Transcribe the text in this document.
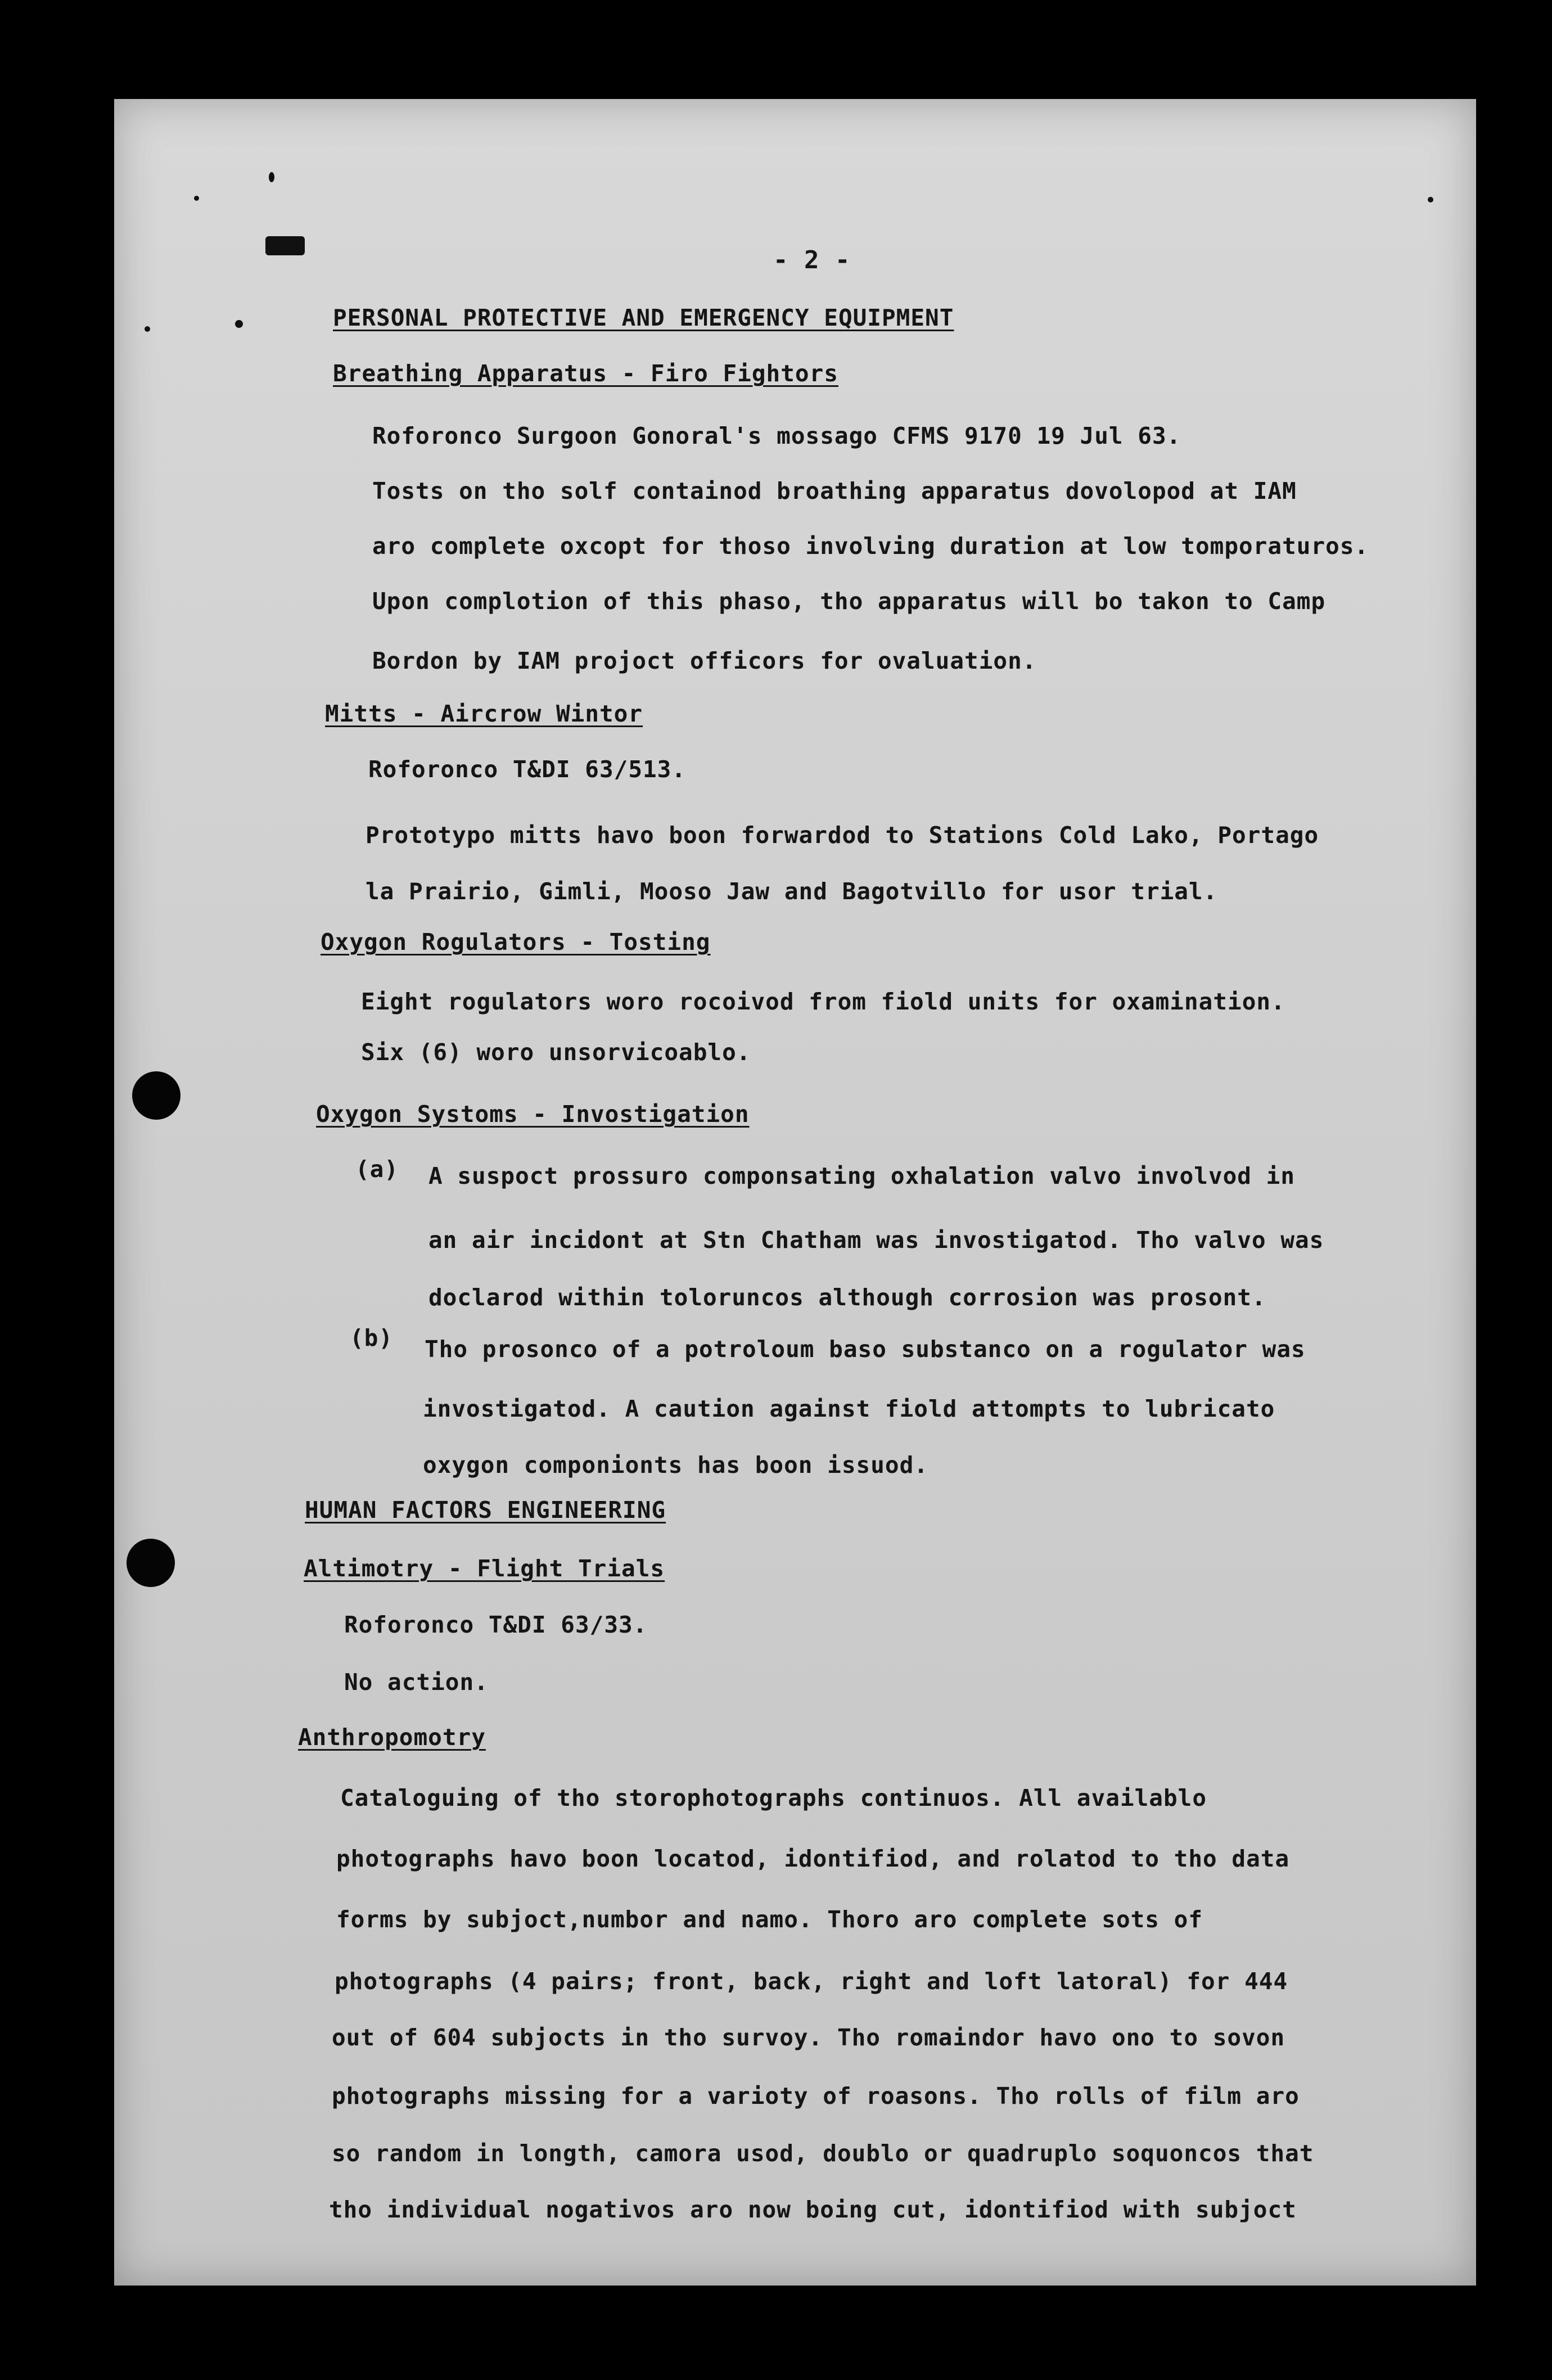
- 2 -
PERSONAL PROTECTIVE AND EMERGENCY EQUIPMENT
Breathing Apparatus - Firo Fightors
Roforonco Surgoon Gonoral's mossago CFMS 9170 19 Jul 63.
Tosts on tho solf containod broathing apparatus dovolopod at IAM
aro complete oxcopt for thoso involving duration at low tomporaturos.
Upon complotion of this phaso, tho apparatus will bo takon to Camp
Bordon by IAM projoct officors for ovaluation.
Mitts - Aircrow Wintor
Roforonco T&DI 63/513.
Prototypo mitts havo boon forwardod to Stations Cold Lako, Portago
la Prairio, Gimli, Mooso Jaw and Bagotvillo for usor trial.
Oxygon Rogulators - Tosting
Eight rogulators woro rocoivod from fiold units for oxamination.
Six (6) woro unsorvicoablo.
Oxygon Systoms - Invostigation
(a) A suspoct prossuro componsating oxhalation valvo involvod in
an air incidont at Stn Chatham was invostigatod. Tho valvo was
doclarod within toloruncos although corrosion was prosont.
(b) Tho prosonco of a potroloum baso substanco on a rogulator was
invostigatod. A caution against fiold attompts to lubricato
oxygon componionts has boon issuod.
HUMAN FACTORS ENGINEERING
Altimotry - Flight Trials
Roforonco T&DI 63/33.
No action.
Anthropomotry
Cataloguing of tho storophotographs continuos. All availablo
photographs havo boon locatod, idontifiod, and rolatod to tho data
forms by subjoct,numbor and namo. Thoro aro complete sots of
photographs (4 pairs; front, back, right and loft latoral) for 444
out of 604 subjocts in tho survoy. Tho romaindor havo ono to sovon
photographs missing for a varioty of roasons. Tho rolls of film aro
so random in longth, camora usod, doublo or quadruplo soquoncos that
tho individual nogativos aro now boing cut, idontifiod with subjoct
